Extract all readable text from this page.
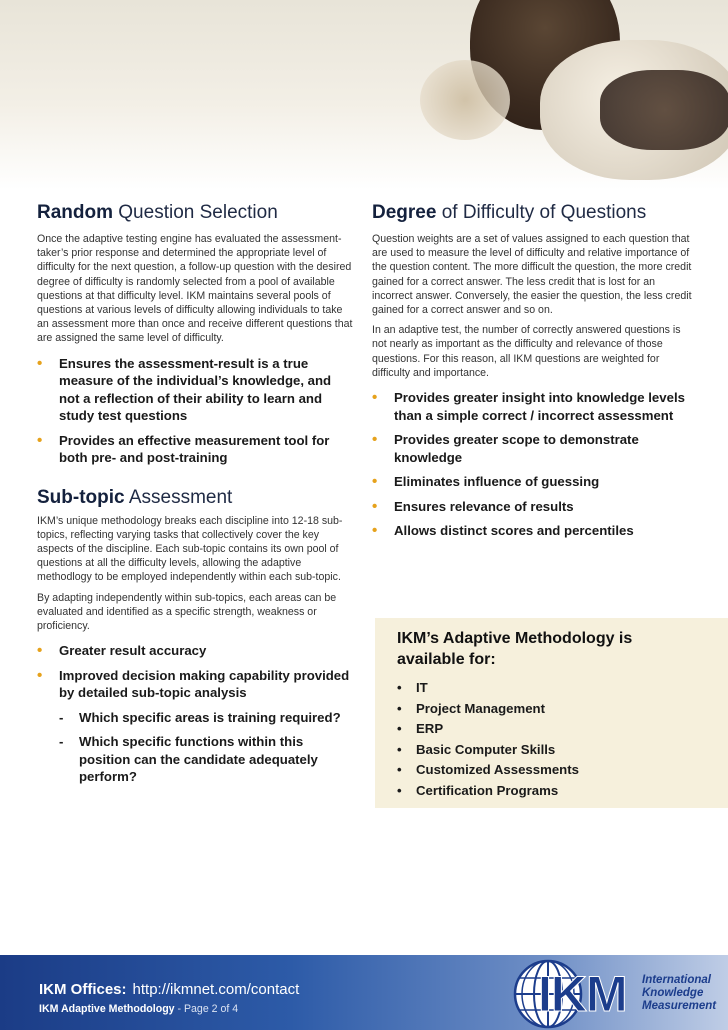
Random Question Selection

Once the adaptive testing engine has evaluated the assessment-taker’s prior response and determined the appropriate level of difficulty for the next question, a follow-up question with the desired degree of difficulty is randomly selected from a pool of available questions at that difficulty level. IKM maintains several pools of questions at various levels of difficulty allowing individuals to take an assessment more than once and receive different questions that are assigned the same level of difficulty.

• Ensures the assessment-result is a true measure of the individual’s knowledge, and not a reflection of their ability to learn and study test questions
• Provides an effective measurement tool for both pre- and post-training
Sub-topic Assessment

IKM’s unique methodology breaks each discipline into 12-18 sub-topics, reflecting varying tasks that collectively cover the key aspects of the discipline. Each sub-topic contains its own pool of questions at all the difficulty levels, allowing the adaptive methodlogy to be employed independently within each sub-topic.

By adapting independently within sub-topics, each areas can be evaluated and identified as a specific strength, weakness or proficiency.

• Greater result accuracy
• Improved decision making capability provided by detailed sub-topic analysis
- Which specific areas is training required?
- Which specific functions within this position can the candidate adequately perform?
Degree of Difficulty of Questions

Question weights are a set of values assigned to each question that are used to measure the level of difficulty and relative importance of the question content. The more difficult the question, the more credit gained for a correct answer. The less credit that is lost for an incorrect answer. Conversely, the easier the question, the less credit gained for a correct answer and so on.

In an adaptive test, the number of correctly answered questions is not nearly as important as the difficulty and relevance of those questions. For this reason, all IKM questions are weighted for difficulty and importance.

• Provides greater insight into knowledge levels than a simple correct / incorrect assessment
• Provides greater scope to demonstrate knowledge
• Eliminates influence of guessing
• Ensures relevance of results
• Allows distinct scores and percentiles
IKM’s Adaptive Methodology is available for:
• IT
• Project Management
• ERP
• Basic Computer Skills
• Customized Assessments
• Certification Programs
IKM Offices: http://ikmnet.com/contact
IKM Adaptive Methodology - Page 2 of 4	IKM International
Knowledge
Measurement
